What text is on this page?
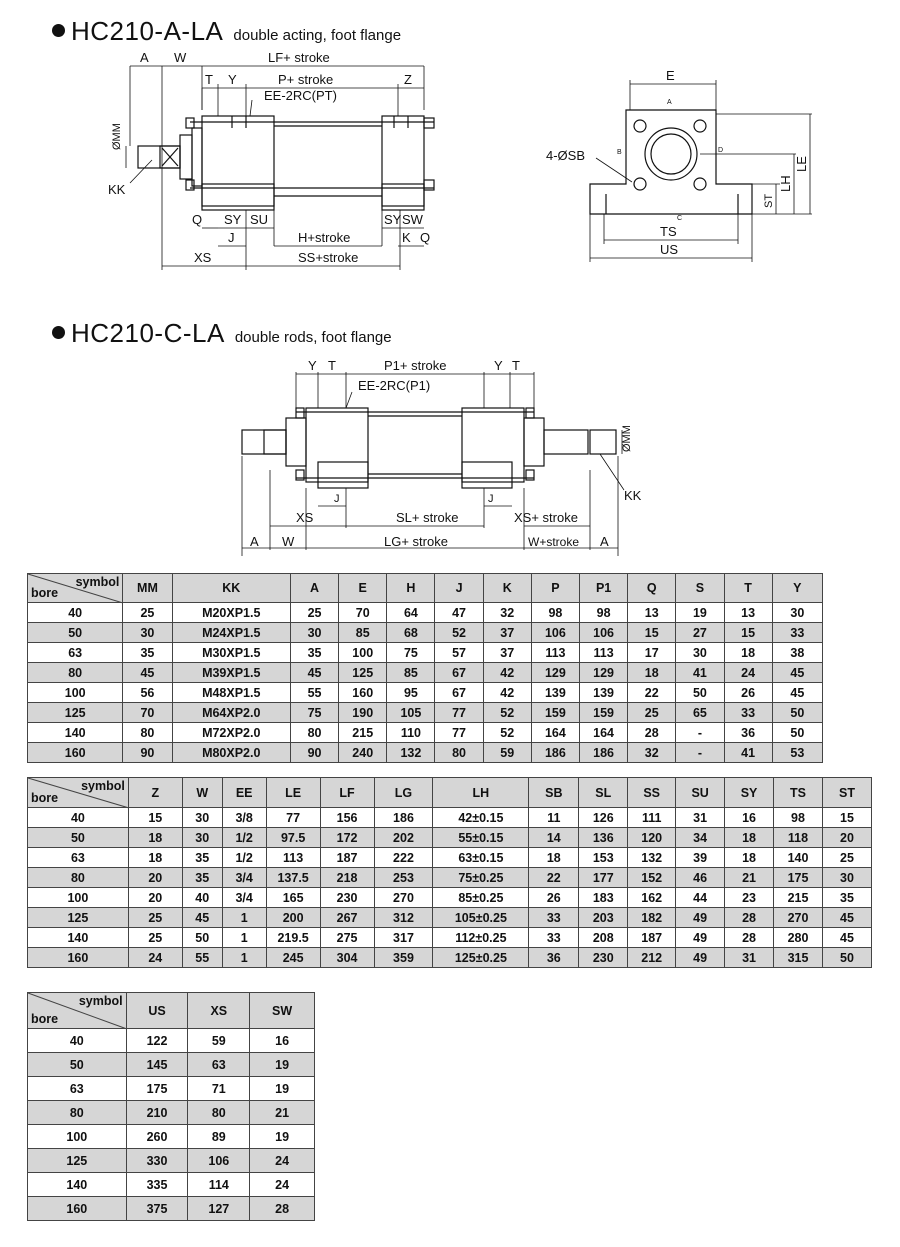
HC210-A-LA double acting, foot flange
HC210-C-LA double rods, foot flange
A W	LF+ stroke
T Y	P+ stroke	Z
EE-2RC(PT)
ØMM
KK
Q SY SU	SY SW
J	H+stroke	K Q
XS	SS+stroke
E
4-ØSB
TS
US
LE
LH
ST
A
B
C
D
Y T	P1+ stroke	Y T
EE-2RC(P1)
ØMM
KK
J	J
XS	SL+ stroke	XS+ stroke
A W	LG+ stroke	W+stroke A
symbol
bore	MM	KK	A	E	H	J	K	P	P1	Q	S	T	Y
40	25	M20XP1.5	25	70	64	47	32	98	98	13	19	13	30
50	30	M24XP1.5	30	85	68	52	37	106	106	15	27	15	33
63	35	M30XP1.5	35	100	75	57	37	113	113	17	30	18	38
80	45	M39XP1.5	45	125	85	67	42	129	129	18	41	24	45
100	56	M48XP1.5	55	160	95	67	42	139	139	22	50	26	45
125	70	M64XP2.0	75	190	105	77	52	159	159	25	65	33	50
140	80	M72XP2.0	80	215	110	77	52	164	164	28	-	36	50
160	90	M80XP2.0	90	240	132	80	59	186	186	32	-	41	53
symbol
bore	Z	W	EE	LE	LF	LG	LH	SB	SL	SS	SU	SY	TS	ST
40	15	30	3/8	77	156	186	42±0.15	11	126	111	31	16	98	15
50	18	30	1/2	97.5	172	202	55±0.15	14	136	120	34	18	118	20
63	18	35	1/2	113	187	222	63±0.15	18	153	132	39	18	140	25
80	20	35	3/4	137.5	218	253	75±0.25	22	177	152	46	21	175	30
100	20	40	3/4	165	230	270	85±0.25	26	183	162	44	23	215	35
125	25	45	1	200	267	312	105±0.25	33	203	182	49	28	270	45
140	25	50	1	219.5	275	317	112±0.25	33	208	187	49	28	280	45
160	24	55	1	245	304	359	125±0.25	36	230	212	49	31	315	50
symbol
bore	US	XS	SW
40	122	59	16
50	145	63	19
63	175	71	19
80	210	80	21
100	260	89	19
125	330	106	24
140	335	114	24
160	375	127	28
